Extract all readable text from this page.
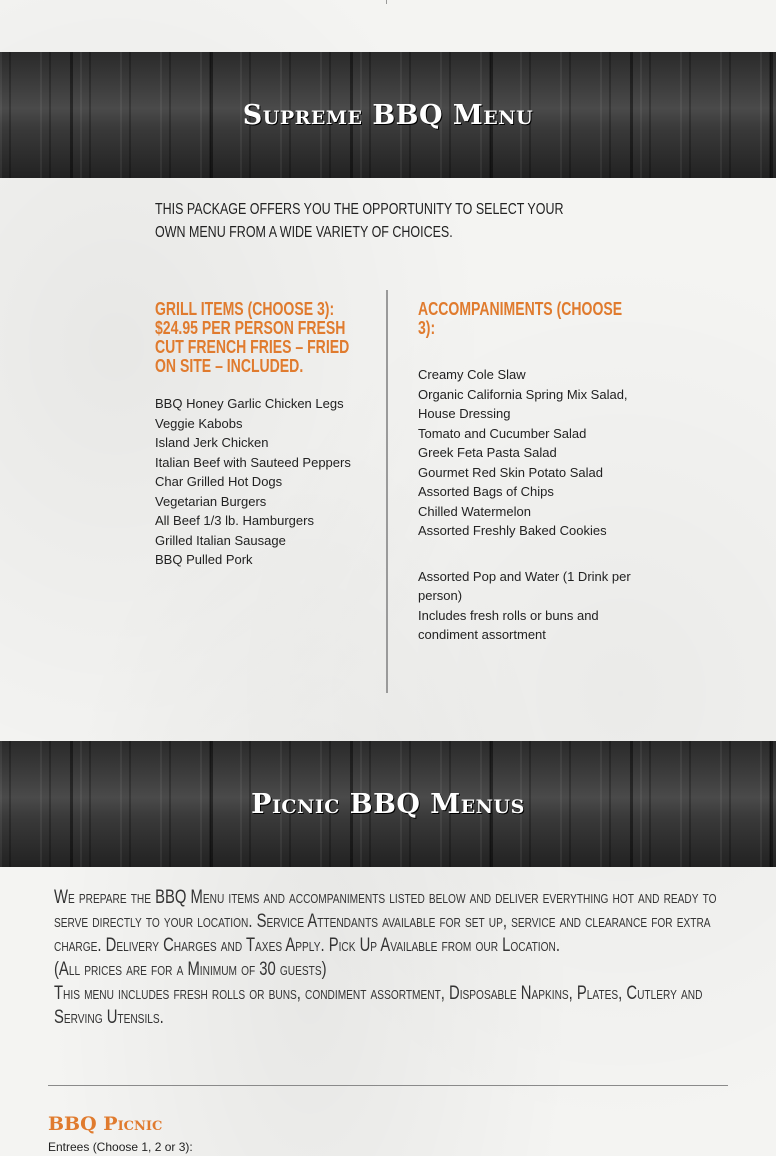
Supreme BBQ Menu
THIS PACKAGE OFFERS YOU THE OPPORTUNITY TO SELECT YOUR OWN MENU FROM A WIDE VARIETY OF CHOICES.
GRILL ITEMS (CHOOSE 3): $24.95 PER PERSON FRESH CUT FRENCH FRIES – FRIED ON SITE – INCLUDED.
BBQ Honey Garlic Chicken Legs
Veggie Kabobs
Island Jerk Chicken
Italian Beef with Sauteed Peppers
Char Grilled Hot Dogs
Vegetarian Burgers
All Beef 1/3 lb. Hamburgers
Grilled Italian Sausage
BBQ Pulled Pork
ACCOMPANIMENTS (CHOOSE 3):
Creamy Cole Slaw
Organic California Spring Mix Salad, House Dressing
Tomato and Cucumber Salad
Greek Feta Pasta Salad
Gourmet Red Skin Potato Salad
Assorted Bags of Chips
Chilled Watermelon
Assorted Freshly Baked Cookies
Assorted Pop and Water (1 Drink per person)
Includes fresh rolls or buns and condiment assortment
Picnic BBQ Menus

We prepare the BBQ Menu items and accompaniments listed below and deliver everything hot and ready to serve directly to your location. Service Attendants available for set up, service and clearance for extra charge. Delivery Charges and Taxes Apply. Pick Up Available from our Location.

(All prices are for a Minimum of 30 guests)

This menu includes fresh rolls or buns, condiment assortment, Disposable Napkins, Plates, Cutlery and Serving Utensils.

BBQ Picnic
Entrees (Choose 1, 2 or 3):
